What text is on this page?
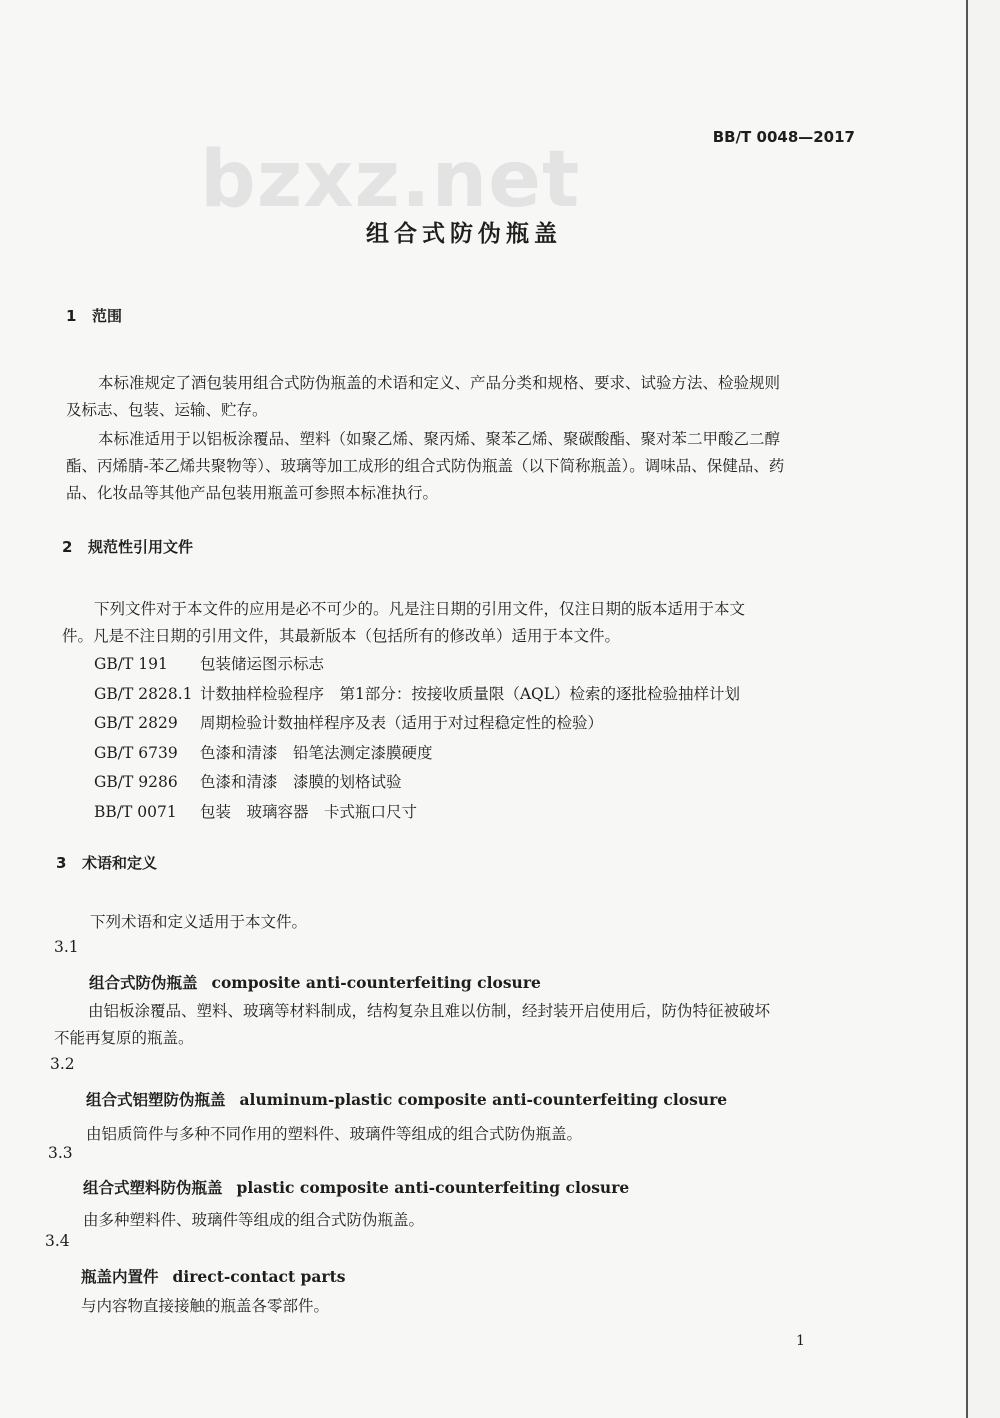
bzxz.net	BB/T 0048—2017
组合式防伪瓶盖
1 范围
本标准规定了酒包装用组合式防伪瓶盖的术语和定义、产品分类和规格、要求、试验方法、检验规则
及标志、包装、运输、贮存。
本标准适用于以铝板涂覆品、塑料（如聚乙烯、聚丙烯、聚苯乙烯、聚碳酸酯、聚对苯二甲酸乙二醇
酯、丙烯腈-苯乙烯共聚物等）、玻璃等加工成形的组合式防伪瓶盖（以下简称瓶盖）。调味品、保健品、药
品、化妆品等其他产品包装用瓶盖可参照本标准执行。
2 规范性引用文件
下列文件对于本文件的应用是必不可少的。凡是注日期的引用文件，仅注日期的版本适用于本文
件。凡是不注日期的引用文件，其最新版本（包括所有的修改单）适用于本文件。
GB/T 191 包装储运图示标志
GB/T 2828.1 计数抽样检验程序　第1部分：按接收质量限（AQL）检索的逐批检验抽样计划
GB/T 2829 周期检验计数抽样程序及表（适用于对过程稳定性的检验）
GB/T 6739 色漆和清漆　铅笔法测定漆膜硬度
GB/T 9286 色漆和清漆　漆膜的划格试验
BB/T 0071 包装　玻璃容器　卡式瓶口尺寸
3 术语和定义
下列术语和定义适用于本文件。
3.1
组合式防伪瓶盖 composite anti-counterfeiting closure
由铝板涂覆品、塑料、玻璃等材料制成，结构复杂且难以仿制，经封装开启使用后，防伪特征被破坏
不能再复原的瓶盖。
3.2
组合式铝塑防伪瓶盖 aluminum-plastic composite anti-counterfeiting closure
由铝质筒件与多种不同作用的塑料件、玻璃件等组成的组合式防伪瓶盖。
3.3
组合式塑料防伪瓶盖 plastic composite anti-counterfeiting closure
由多种塑料件、玻璃件等组成的组合式防伪瓶盖。
3.4
瓶盖内置件 direct-contact parts
与内容物直接接触的瓶盖各零部件。
1
